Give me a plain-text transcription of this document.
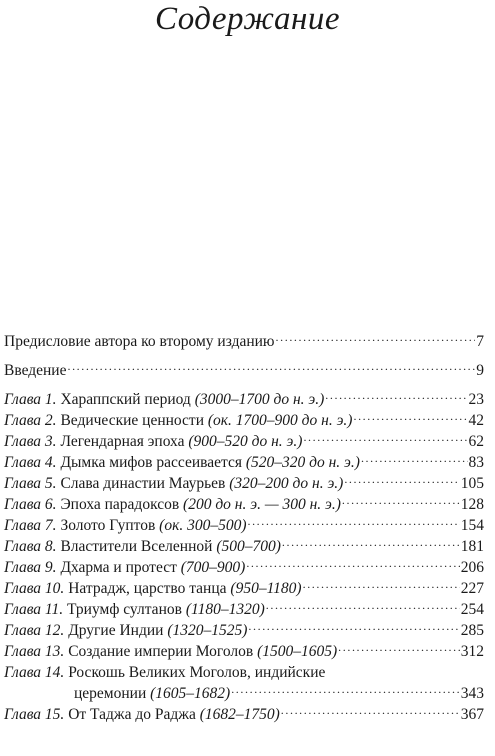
Содержание
Предисловие автора ко второму изданию .....	7
Введение .....	9
Глава 1. Хараппский период (3000–1700 до н. э.) .....	23
Глава 2. Ведические ценности (ок. 1700–900 до н. э.) .....	42
Глава 3. Легендарная эпоха (900–520 до н. э.) .....	62
Глава 4. Дымка мифов рассеивается (520–320 до н. э.) .....	83
Глава 5. Слава династии Маурьев (320–200 до н. э.) .....	105
Глава 6. Эпоха парадоксов (200 до н. э. — 300 н. э.) .....	128
Глава 7. Золото Гуптов (ок. 300–500) .....	154
Глава 8. Властители Вселенной (500–700) .....	181
Глава 9. Дхарма и протест (700–900) .....	206
Глава 10. Натрадж, царство танца (950–1180) .....	227
Глава 11. Триумф султанов (1180–1320) .....	254
Глава 12. Другие Индии (1320–1525) .....	285
Глава 13. Создание империи Моголов (1500–1605) .....	312
Глава 14. Роскошь Великих Моголов, индийские
церемонии (1605–1682) .....	343
Глава 15. От Таджа до Раджа (1682–1750) .....	367
